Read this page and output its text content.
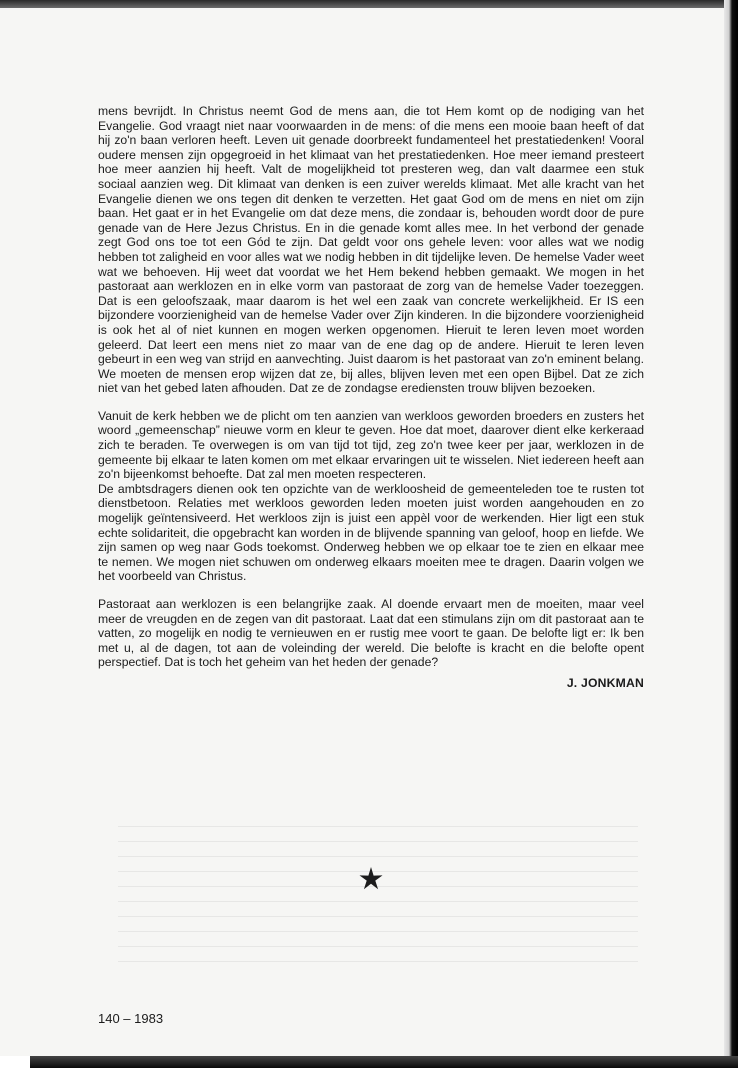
mens bevrijdt. In Christus neemt God de mens aan, die tot Hem komt op de nodiging van het Evangelie. God vraagt niet naar voorwaarden in de mens: of die mens een mooie baan heeft of dat hij zo'n baan verloren heeft. Leven uit genade doorbreekt fundamenteel het prestatiedenken! Vooral oudere mensen zijn opgegroeid in het klimaat van het prestatiedenken. Hoe meer iemand presteert hoe meer aanzien hij heeft. Valt de mogelijkheid tot presteren weg, dan valt daarmee een stuk sociaal aanzien weg. Dit klimaat van denken is een zuiver werelds klimaat. Met alle kracht van het Evangelie dienen we ons tegen dit denken te verzetten. Het gaat God om de mens en niet om zijn baan. Het gaat er in het Evangelie om dat deze mens, die zondaar is, behouden wordt door de pure genade van de Here Jezus Christus. En in die genade komt alles mee. In het verbond der genade zegt God ons toe tot een Gód te zijn. Dat geldt voor ons gehele leven: voor alles wat we nodig hebben tot zaligheid en voor alles wat we nodig hebben in dit tijdelijke leven. De hemelse Vader weet wat we behoeven. Hij weet dat voordat we het Hem bekend hebben gemaakt. We mogen in het pastoraat aan werklozen en in elke vorm van pastoraat de zorg van de hemelse Vader toezeggen. Dat is een geloofszaak, maar daarom is het wel een zaak van concrete werkelijkheid. Er IS een bijzondere voorzienigheid van de hemelse Vader over Zijn kinderen. In die bijzondere voorzienigheid is ook het al of niet kunnen en mogen werken opgenomen. Hieruit te leren leven moet worden geleerd. Dat leert een mens niet zo maar van de ene dag op de andere. Hieruit te leren leven gebeurt in een weg van strijd en aanvechting. Juist daarom is het pastoraat van zo'n eminent belang. We moeten de mensen erop wijzen dat ze, bij alles, blijven leven met een open Bijbel. Dat ze zich niet van het gebed laten afhouden. Dat ze de zondagse erediensten trouw blijven bezoeken.

Vanuit de kerk hebben we de plicht om ten aanzien van werkloos geworden broeders en zusters het woord „gemeenschap” nieuwe vorm en kleur te geven. Hoe dat moet, daarover dient elke kerkeraad zich te beraden. Te overwegen is om van tijd tot tijd, zeg zo'n twee keer per jaar, werklozen in de gemeente bij elkaar te laten komen om met elkaar ervaringen uit te wisselen. Niet iedereen heeft aan zo'n bijeenkomst behoefte. Dat zal men moeten respecteren.

De ambtsdragers dienen ook ten opzichte van de werkloosheid de gemeenteleden toe te rusten tot dienstbetoon. Relaties met werkloos geworden leden moeten juist worden aangehouden en zo mogelijk geïntensiveerd. Het werkloos zijn is juist een appèl voor de werkenden. Hier ligt een stuk echte solidariteit, die opgebracht kan worden in de blijvende spanning van geloof, hoop en liefde. We zijn samen op weg naar Gods toekomst. Onderweg hebben we op elkaar toe te zien en elkaar mee te nemen. We mogen niet schuwen om onderweg elkaars moeiten mee te dragen. Daarin volgen we het voorbeeld van Christus.

Pastoraat aan werklozen is een belangrijke zaak. Al doende ervaart men de moeiten, maar veel meer de vreugden en de zegen van dit pastoraat. Laat dat een stimulans zijn om dit pastoraat aan te vatten, zo mogelijk en nodig te vernieuwen en er rustig mee voort te gaan. De belofte ligt er: Ik ben met u, al de dagen, tot aan de voleinding der wereld. Die belofte is kracht en die belofte opent perspectief. Dat is toch het geheim van het heden der genade?

J. JONKMAN
140 – 1983
